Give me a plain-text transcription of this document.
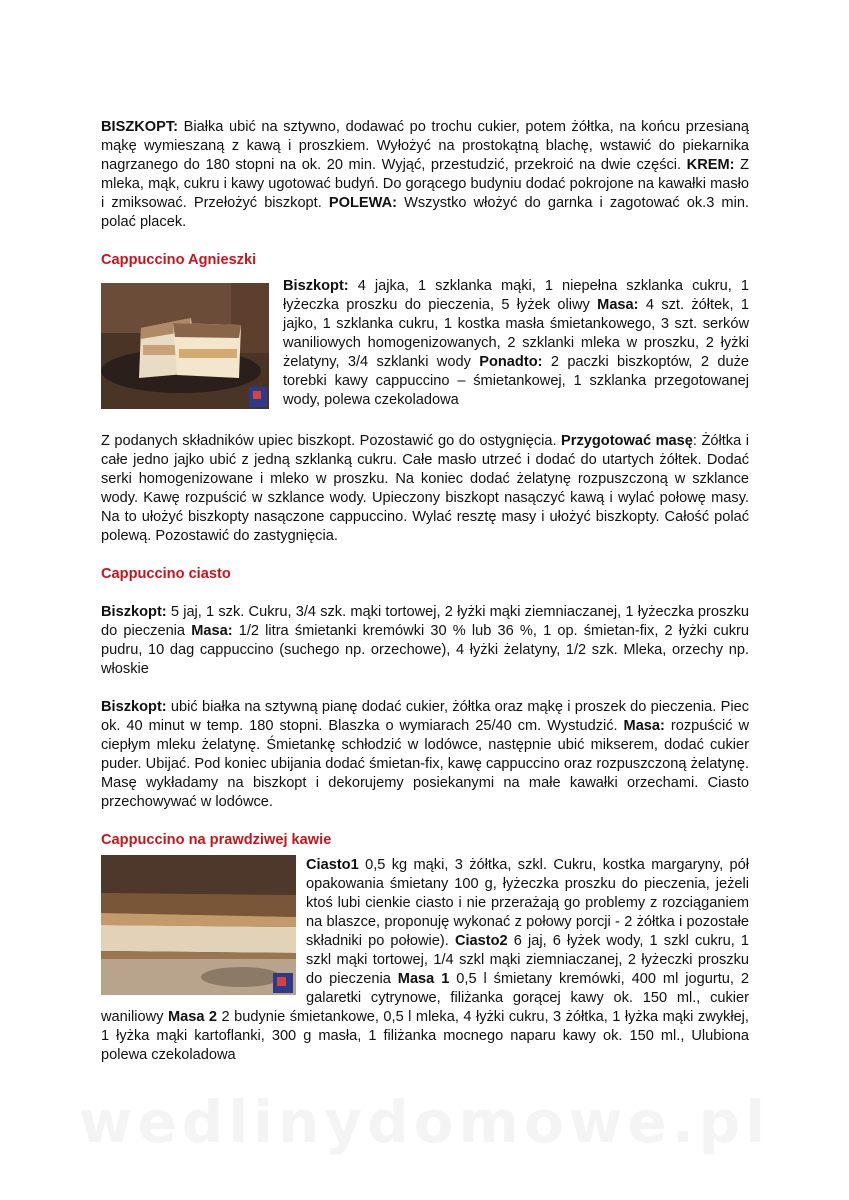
BISZKOPT: Białka ubić na sztywno, dodawać po trochu cukier, potem żółtka, na końcu przesianą mąkę wymieszaną z kawą i proszkiem. Wyłożyć na prostokątną blachę, wstawić do piekarnika nagrzanego do 180 stopni na ok. 20 min. Wyjąć, przestudzić, przekroić na dwie części. KREM: Z mleka, mąk, cukru i kawy ugotować budyń. Do gorącego budyniu dodać pokrojone na kawałki masło i zmiksować. Przełożyć biszkopt. POLEWA: Wszystko włożyć do garnka i zagotować ok.3 min. polać placek.

Cappuccino Agnieszki

Biszkopt: 4 jajka, 1 szklanka mąki, 1 niepełna szklanka cukru, 1 łyżeczka proszku do pieczenia, 5 łyżek oliwy Masa: 4 szt. żółtek, 1 jajko, 1 szklanka cukru, 1 kostka masła śmietankowego, 3 szt. serków waniliowych homogenizowanych, 2 szklanki mleka w proszku, 2 łyżki żelatyny, 3/4 szklanki wody Ponadto: 2 paczki biszkoptów, 2 duże torebki kawy cappuccino – śmietankowej, 1 szklanka przegotowanej wody, polewa czekoladowa

Z podanych składników upiec biszkopt. Pozostawić go do ostygnięcia. Przygotować masę: Żółtka i całe jedno jajko ubić z jedną szklanką cukru. Całe masło utrzeć i dodać do utartych żółtek. Dodać serki homogenizowane i mleko w proszku. Na koniec dodać żelatynę rozpuszczoną w szklance wody. Kawę rozpuścić w szklance wody. Upieczony biszkopt nasączyć kawą i wylać połowę masy. Na to ułożyć biszkopty nasączone cappuccino. Wylać resztę masy i ułożyć biszkopty. Całość polać polewą. Pozostawić do zastygnięcia.

Cappuccino ciasto

Biszkopt: 5 jaj, 1 szk. Cukru, 3/4 szk. mąki tortowej, 2 łyżki mąki ziemniaczanej, 1 łyżeczka proszku do pieczenia Masa: 1/2 litra śmietanki kremówki 30 % lub 36 %, 1 op. śmietan-fix, 2 łyżki cukru pudru, 10 dag cappuccino (suchego np. orzechowe), 4 łyżki żelatyny, 1/2 szk. Mleka, orzechy np. włoskie

Biszkopt: ubić białka na sztywną pianę dodać cukier, żółtka oraz mąkę i proszek do pieczenia. Piec ok. 40 minut w temp. 180 stopni. Blaszka o wymiarach 25/40 cm. Wystudzić. Masa: rozpuścić w ciepłym mleku żelatynę. Śmietankę schłodzić w lodówce, następnie ubić mikserem, dodać cukier puder. Ubijać. Pod koniec ubijania dodać śmietan-fix, kawę cappuccino oraz rozpuszczoną żelatynę. Masę wykładamy na biszkopt i dekorujemy posiekanymi na małe kawałki orzechami. Ciasto przechowywać w lodówce.

Cappuccino na prawdziwej kawie

Ciasto1 0,5 kg mąki, 3 żółtka, szkl. Cukru, kostka margaryny, pół opakowania śmietany 100 g, łyżeczka proszku do pieczenia, jeżeli ktoś lubi cienkie ciasto i nie przerażają go problemy z rozciąganiem na blaszce, proponuję wykonać z połowy porcji - 2 żółtka i pozostałe składniki po połowie). Ciasto2 6 jaj, 6 łyżek wody, 1 szkl cukru, 1 szkl mąki tortowej, 1/4 szkl mąki ziemniaczanej, 2 łyżeczki proszku do pieczenia Masa 1 0,5 l śmietany kremówki, 400 ml jogurtu, 2 galaretki cytrynowe, filiżanka gorącej kawy ok. 150 ml., cukier waniliowy Masa 2 2 budynie śmietankowe, 0,5 l mleka, 4 łyżki cukru, 3 żółtka, 1 łyżka mąki zwykłej, 1 łyżka mąki kartoflanki, 300 g masła, 1 filiżanka mocnego naparu kawy ok. 150 ml., Ulubiona polewa czekoladowa

wedlinydomowe.pl
